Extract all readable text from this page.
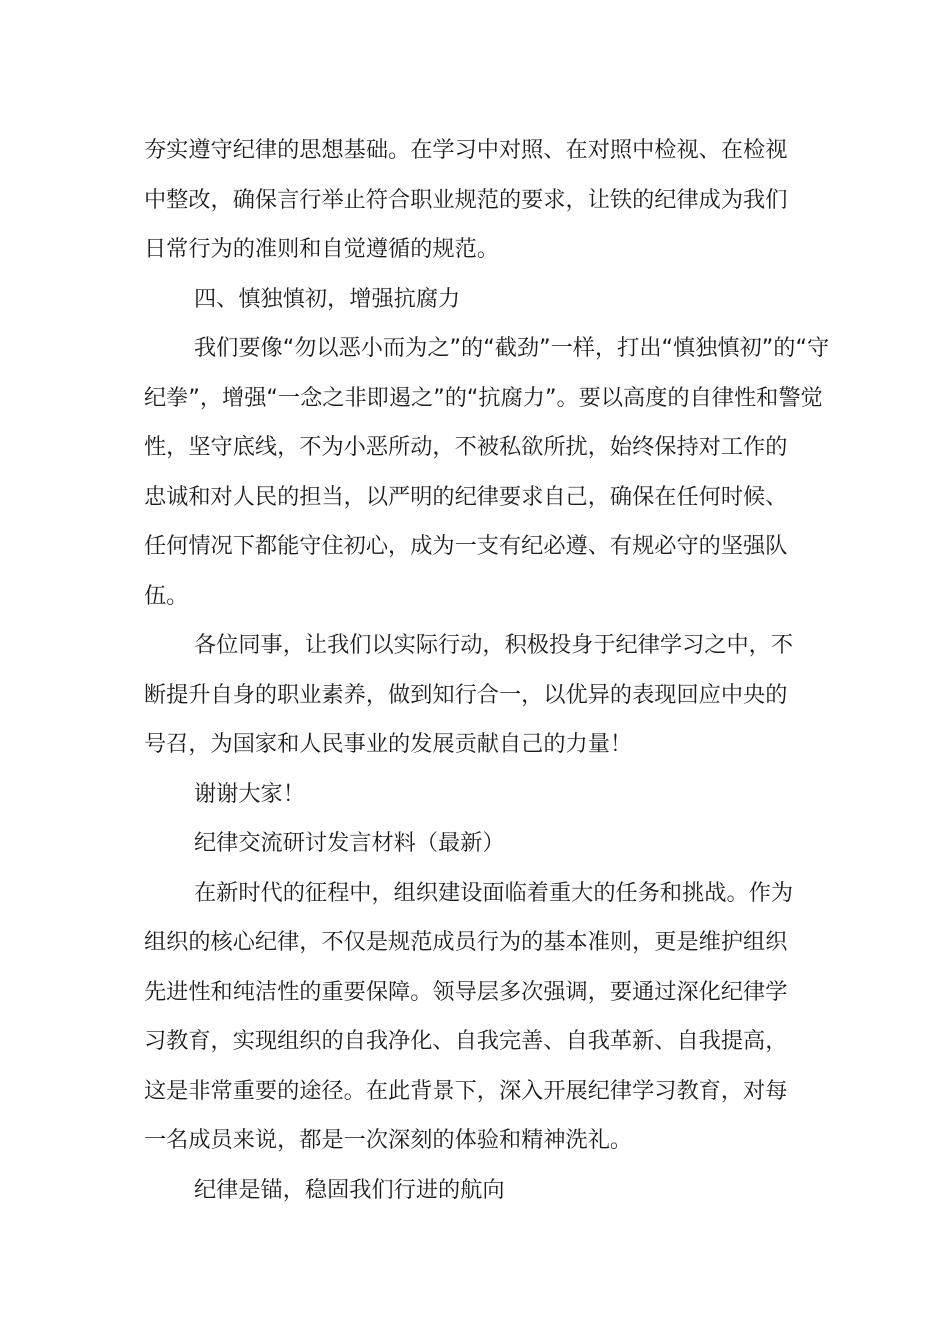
夯实遵守纪律的思想基础。在学习中对照、在对照中检视、在检视
中整改，确保言行举止符合职业规范的要求，让铁的纪律成为我们
日常行为的准则和自觉遵循的规范。

四、慎独慎初，增强抗腐力

我们要像“勿以恶小而为之”的“截劲”一样，打出“慎独慎初”的“守
纪拳”，增强“一念之非即遏之”的“抗腐力”。要以高度的自律性和警觉
性，坚守底线，不为小恶所动，不被私欲所扰，始终保持对工作的
忠诚和对人民的担当，以严明的纪律要求自己，确保在任何时候、
任何情况下都能守住初心，成为一支有纪必遵、有规必守的坚强队
伍。

各位同事，让我们以实际行动，积极投身于纪律学习之中，不
断提升自身的职业素养，做到知行合一，以优异的表现回应中央的
号召，为国家和人民事业的发展贡献自己的力量！

谢谢大家！

纪律交流研讨发言材料（最新）

在新时代的征程中，组织建设面临着重大的任务和挑战。作为
组织的核心纪律，不仅是规范成员行为的基本准则，更是维护组织
先进性和纯洁性的重要保障。领导层多次强调，要通过深化纪律学
习教育，实现组织的自我净化、自我完善、自我革新、自我提高，
这是非常重要的途径。在此背景下，深入开展纪律学习教育，对每
一名成员来说，都是一次深刻的体验和精神洗礼。

纪律是锚，稳固我们行进的航向
